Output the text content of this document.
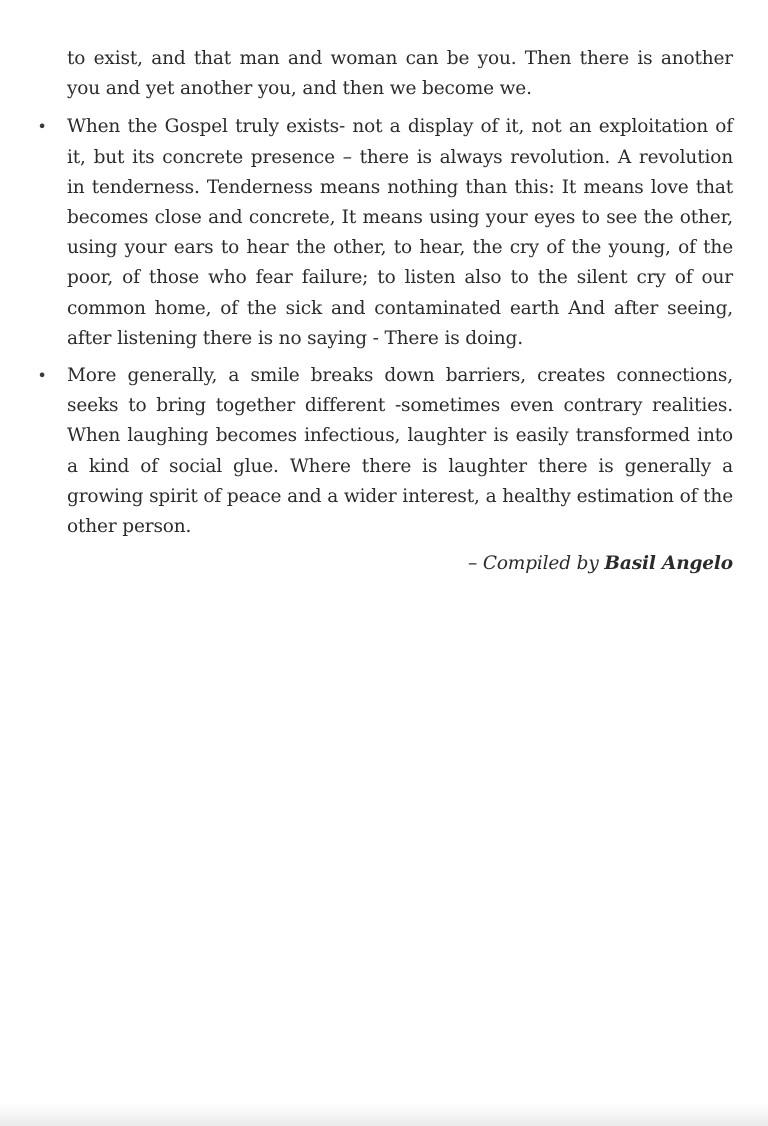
to exist, and that man and woman can be you. Then there is another you and yet another you, and then we become we.

• When the Gospel truly exists- not a display of it, not an exploitation of it, but its concrete presence – there is always revolution. A revolution in tenderness. Tenderness means nothing than this: It means love that becomes close and concrete, It means using your eyes to see the other, using your ears to hear the other, to hear, the cry of the young, of the poor, of those who fear failure; to listen also to the silent cry of our common home, of the sick and contaminated earth And after seeing, after listening there is no saying - There is doing.
• More generally, a smile breaks down barriers, creates connections, seeks to bring together different -sometimes even contrary realities. When laughing becomes infectious, laughter is easily transformed into a kind of social glue. Where there is laughter there is generally a growing spirit of peace and a wider interest, a healthy estimation of the other person.
– Compiled by Basil Angelo
